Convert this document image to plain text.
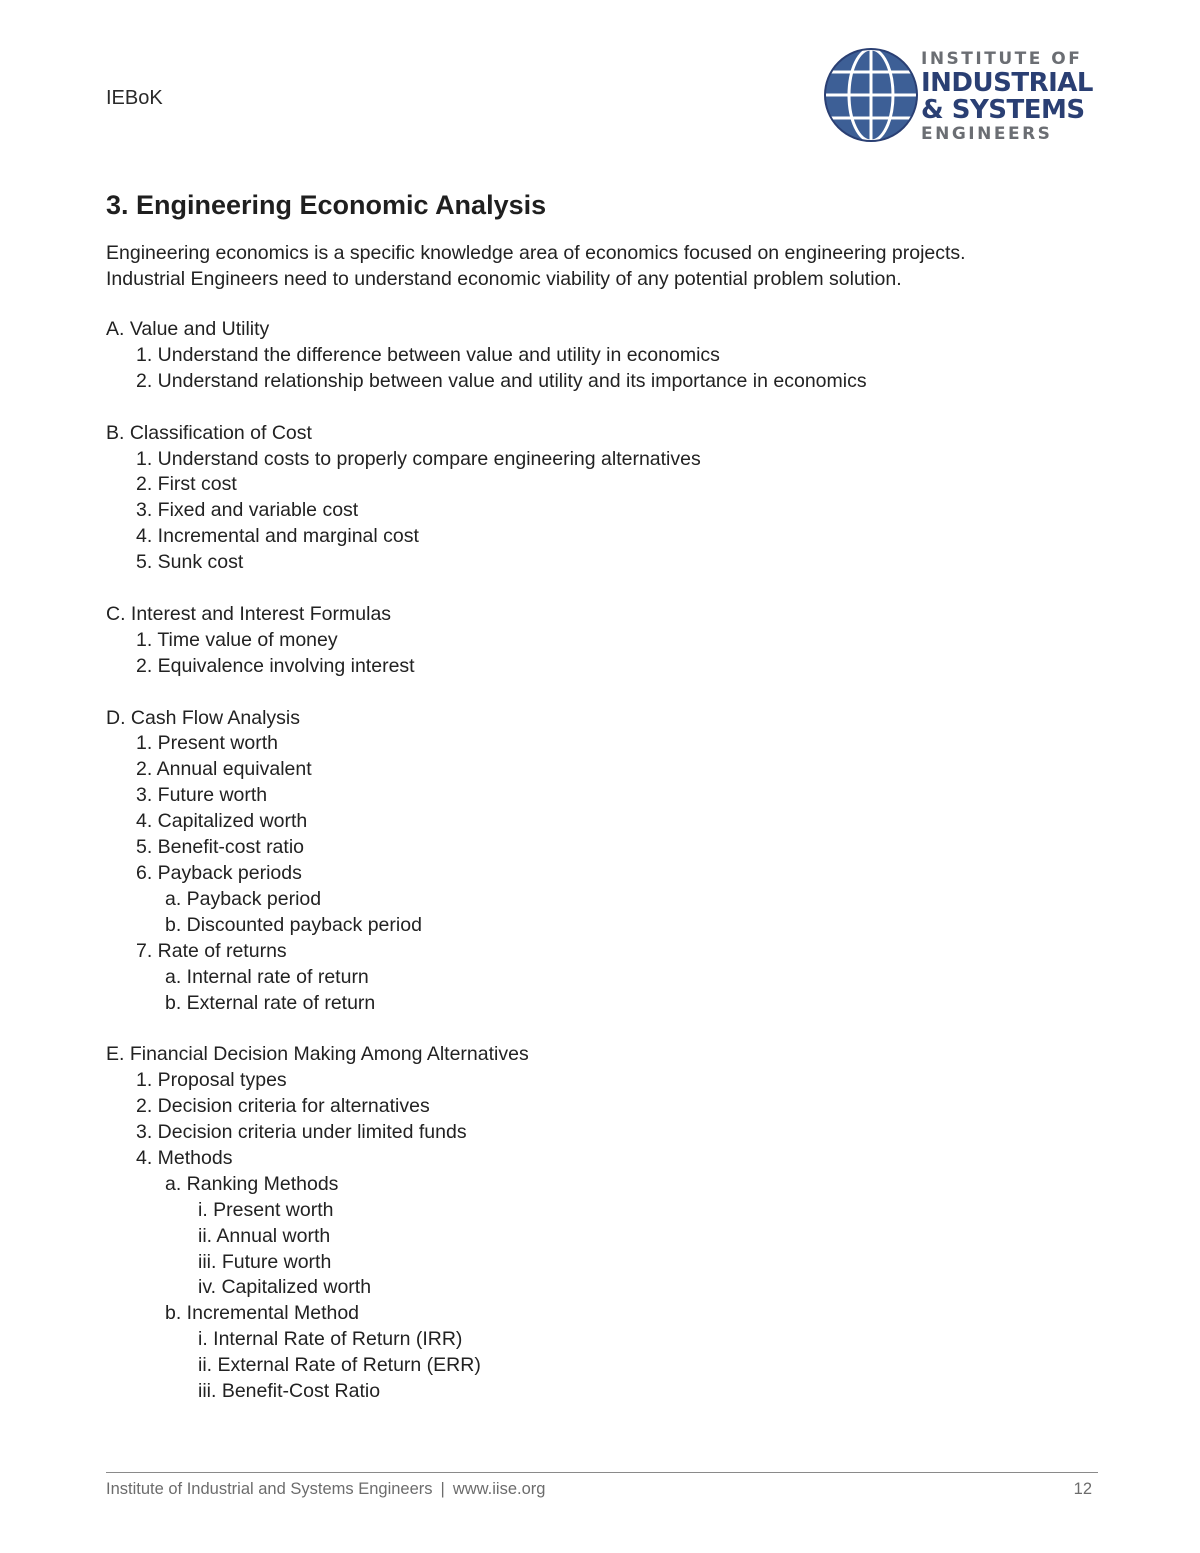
IEBoK
INSTITUTE OF
INDUSTRIAL
& SYSTEMS
ENGINEERS
3. Engineering Economic Analysis

Engineering economics is a specific knowledge area of economics focused on engineering projects.
Industrial Engineers need to understand economic viability of any potential problem solution.

A. Value and Utility
1. Understand the difference between value and utility in economics
2. Understand relationship between value and utility and its importance in economics
B. Classification of Cost
1. Understand costs to properly compare engineering alternatives
2. First cost
3. Fixed and variable cost
4. Incremental and marginal cost
5. Sunk cost
C. Interest and Interest Formulas
1. Time value of money
2. Equivalence involving interest
D. Cash Flow Analysis
1. Present worth
2. Annual equivalent
3. Future worth
4. Capitalized worth
5. Benefit-cost ratio
6. Payback periods
a. Payback period
b. Discounted payback period
7. Rate of returns
a. Internal rate of return
b. External rate of return
E. Financial Decision Making Among Alternatives
1. Proposal types
2. Decision criteria for alternatives
3. Decision criteria under limited funds
4. Methods
a. Ranking Methods
i. Present worth
ii. Annual worth
iii. Future worth
iv. Capitalized worth
b. Incremental Method
i. Internal Rate of Return (IRR)
ii. External Rate of Return (ERR)
iii. Benefit-Cost Ratio
Institute of Industrial and Systems Engineers | www.iise.org	12
